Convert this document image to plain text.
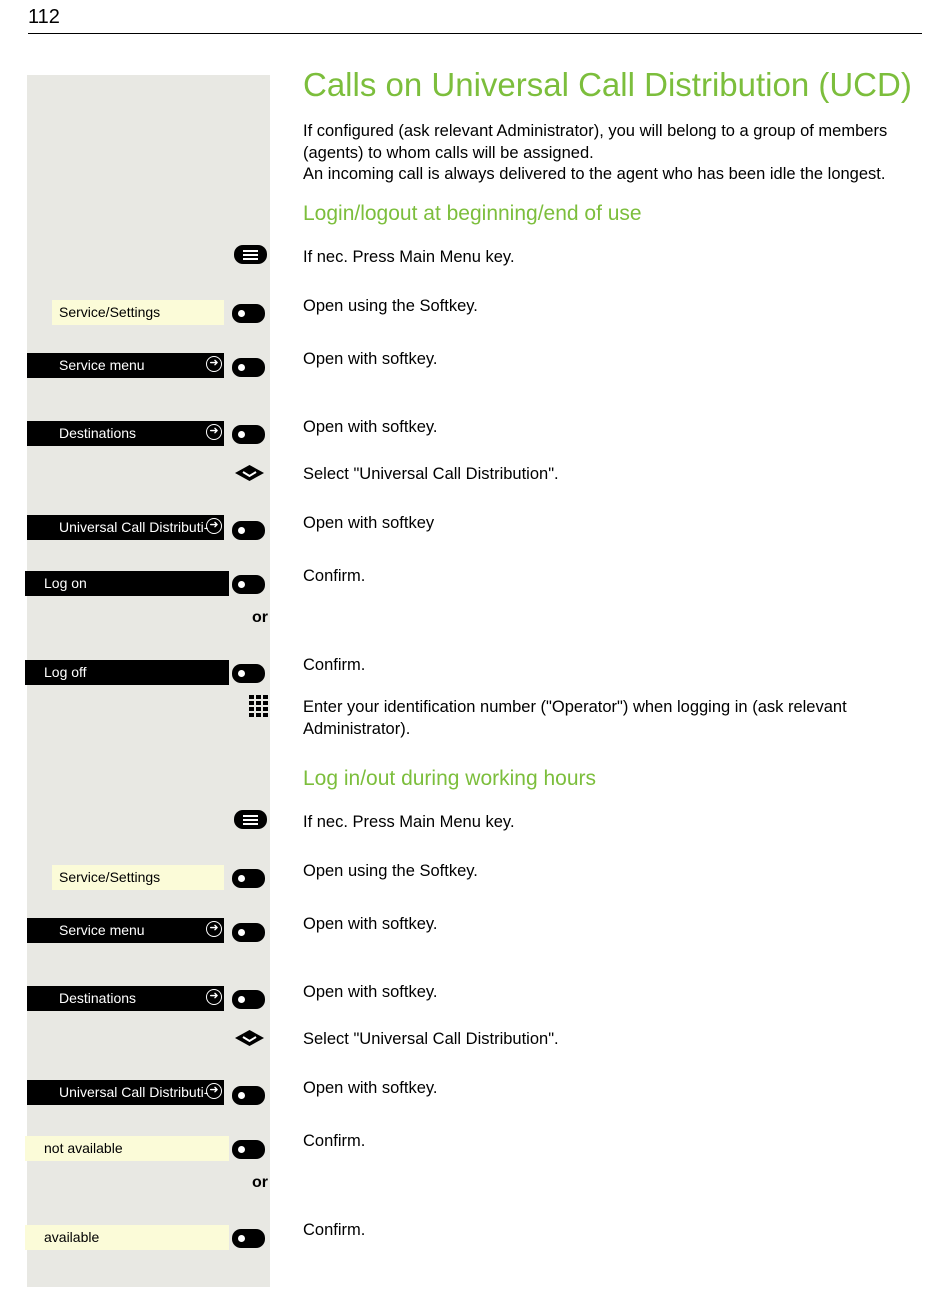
112
Calls on Universal Call Distribution (UCD)

If configured (ask relevant Administrator), you will belong to a group of members (agents) to whom calls will be assigned.

An incoming call is always delivered to the agent who has been idle the longest.

Login/logout at beginning/end of use
If nec. Press Main Menu key.
Service/Settings	Open using the Softkey.
Service menu	➜	Open with softkey.
Destinations	➜	Open with softkey.
Select "Universal Call Distribution".
Universal Call Distributi- ➜	Open with softkey
Log on	Confirm.
or
Log off	Confirm.
Enter your identification number ("Operator") when logging in (ask relevant Administrator).
Log in/out during working hours
If nec. Press Main Menu key.
Service/Settings	Open using the Softkey.
Service menu	➜	Open with softkey.
Destinations	➜	Open with softkey.
Select "Universal Call Distribution".
Universal Call Distributi- ➜	Open with softkey.
not available	Confirm.
or
available	Confirm.
